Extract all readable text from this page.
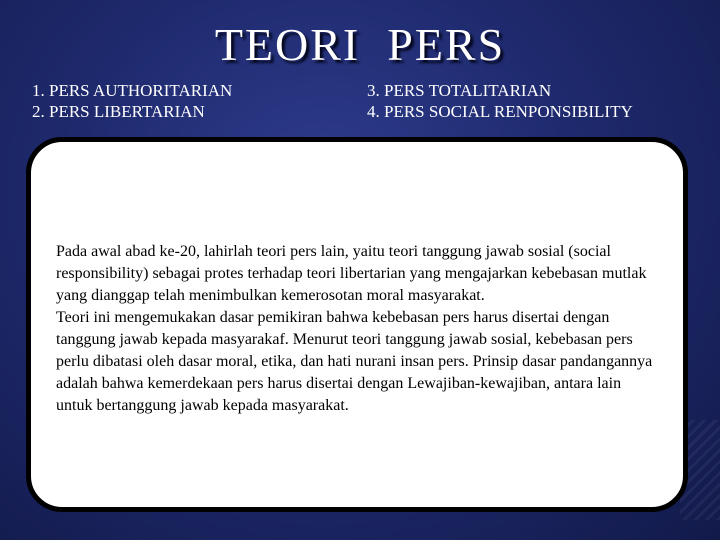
TEORI  PERS
1. PERS AUTHORITARIAN
2. PERS LIBERTARIAN
3. PERS TOTALITARIAN
4. PERS SOCIAL RENPONSIBILITY
Pada awal abad ke-20, lahirlah teori pers lain, yaitu teori tanggung jawab sosial (social
responsibility) sebagai protes terhadap teori libertarian yang mengajarkan kebebasan mutlak
yang dianggap telah menimbulkan kemerosotan moral masyarakat.
Teori ini mengemukakan dasar pemikiran bahwa kebebasan pers harus disertai dengan
tanggung jawab kepada masyarakaf. Menurut teori tanggung jawab sosial, kebebasan pers
perlu dibatasi oleh dasar moral, etika, dan hati nurani insan pers. Prinsip dasar pandangannya
adalah bahwa kemerdekaan pers harus disertai dengan Lewajiban-kewajiban, antara lain
untuk bertanggung jawab kepada masyarakat.
